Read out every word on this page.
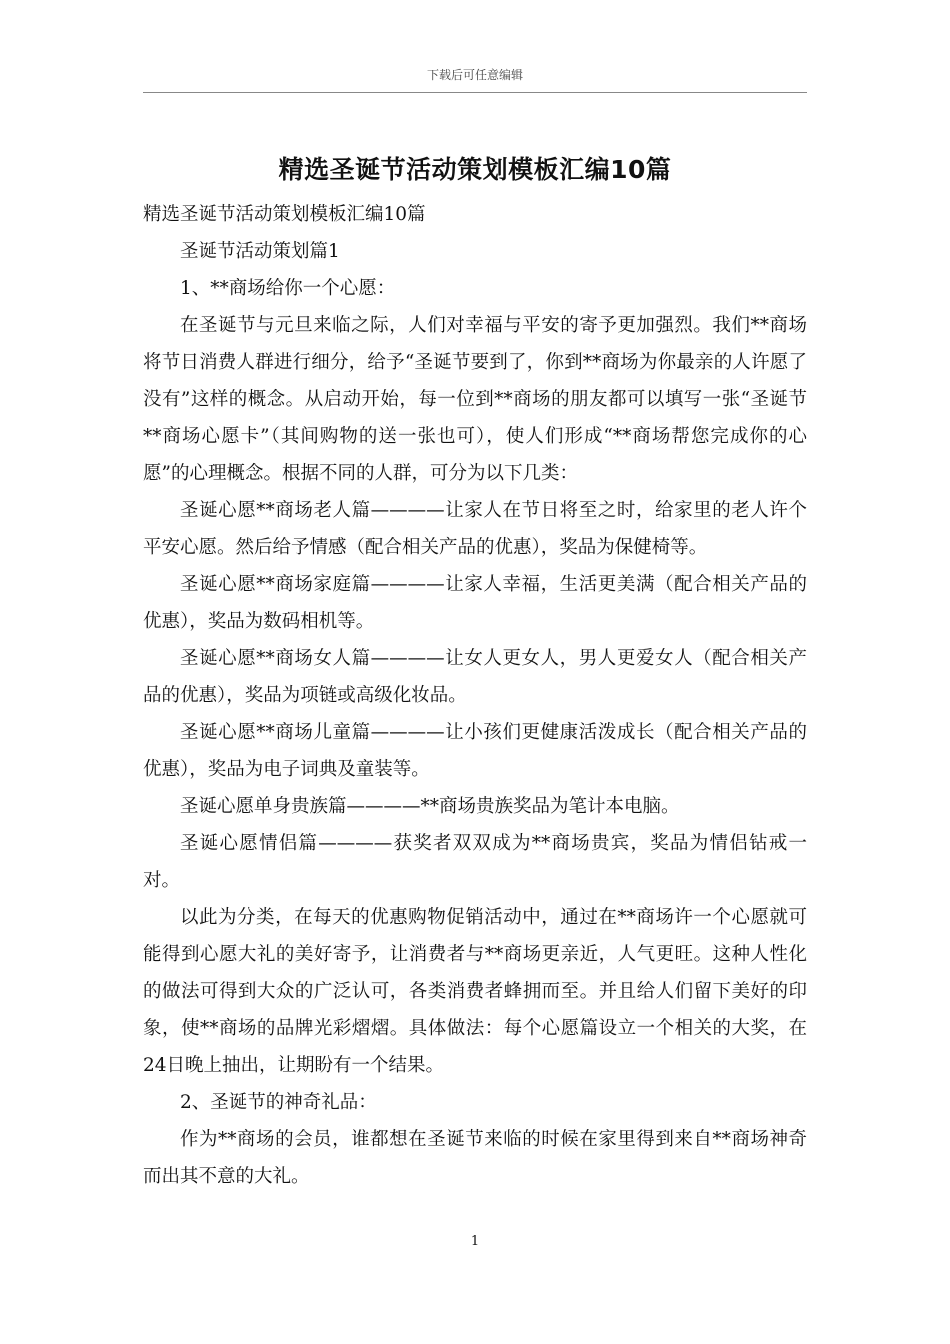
下载后可任意编辑
精选圣诞节活动策划模板汇编10篇

精选圣诞节活动策划模板汇编10篇

圣诞节活动策划篇1

1、**商场给你一个心愿：

在圣诞节与元旦来临之际，人们对幸福与平安的寄予更加强烈。我们**商场将节日消费人群进行细分，给予“圣诞节要到了，你到**商场为你最亲的人许愿了没有”这样的概念。从启动开始，每一位到**商场的朋友都可以填写一张“圣诞节**商场心愿卡”（其间购物的送一张也可），使人们形成“**商场帮您完成你的心愿”的心理概念。根据不同的人群，可分为以下几类：

圣诞心愿**商场老人篇————让家人在节日将至之时，给家里的老人许个平安心愿。然后给予情感（配合相关产品的优惠），奖品为保健椅等。

圣诞心愿**商场家庭篇————让家人幸福，生活更美满（配合相关产品的优惠），奖品为数码相机等。

圣诞心愿**商场女人篇————让女人更女人，男人更爱女人（配合相关产品的优惠），奖品为项链或高级化妆品。

圣诞心愿**商场儿童篇————让小孩们更健康活泼成长（配合相关产品的优惠），奖品为电子词典及童装等。

圣诞心愿单身贵族篇————**商场贵族奖品为笔计本电脑。

圣诞心愿情侣篇————获奖者双双成为**商场贵宾，奖品为情侣钻戒一对。

以此为分类，在每天的优惠购物促销活动中，通过在**商场许一个心愿就可能得到心愿大礼的美好寄予，让消费者与**商场更亲近，人气更旺。这种人性化的做法可得到大众的广泛认可，各类消费者蜂拥而至。并且给人们留下美好的印象，使**商场的品牌光彩熠熠。具体做法：每个心愿篇设立一个相关的大奖，在24日晚上抽出，让期盼有一个结果。

2、圣诞节的神奇礼品：

作为**商场的会员，谁都想在圣诞节来临的时候在家里得到来自**商场神奇而出其不意的大礼。

1
